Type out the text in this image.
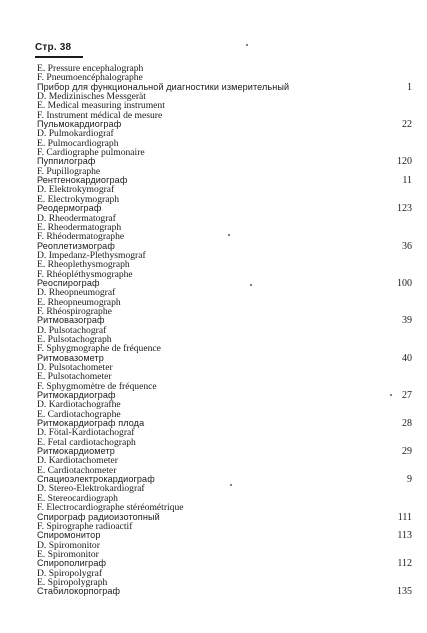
Стр. 38
E. Pressure encephalograph
F. Pneumoencéphalographe
Прибор для функциональной диагностики измерительный
D. Medizinisches Messgerät
E. Medical measuring instrument
F. Instrument médical de mesure
1
Пульмокардиограф
D. Pulmokardiograf
E. Pulmocardiograph
F. Cardiographe pulmonaire
22
Пуппилограф
F. Pupillographe
120
Рентгенокардиограф
D. Elektrokymograf
E. Electrokymograph
11
Реодермограф
D. Rheodermatograf
E. Rheodermatograph
F. Rhéodermatographe
123
Реоплетизмограф
D. Impedanz-Plethysmograf
E. Rheoplethysmograph
F. Rhéopléthysmographe
36
Реоспирограф
D. Rheopneumograf
E. Rheopneumograph
F. Rhéospirographe
100
Ритмовазограф
D. Pulsotachograf
E. Pulsotachograph
F. Sphygmographe de fréquence
39
Ритмовазометр
D. Pulsotachometer
E. Pulsotachometer
F. Sphygmomètre de fréquence
40
Ритмокардиограф
D. Kardiotachografhe
E. Cardiotachographe
27
Ритмокардиограф плода
D. Fötal-Kardiotachograf
E. Fetal cardiotachograph
28
Ритмокардиометр
D. Kardiotachometer
E. Cardiotachometer
29
Спациоэлектрокардиограф
D. Stereo-Elektrokardiograf
E. Stereocardiograph
F. Electrocardiographe stéréométrique
9
Спирограф радиоизотопный
F. Spirographe radioactif
111
Спиромонитор
D. Spiromonitor
E. Spiromonitor
113
Спирополиграф
D. Spiropolygraf
E. Spiropolygraph
112
Стабилокорпограф	135
